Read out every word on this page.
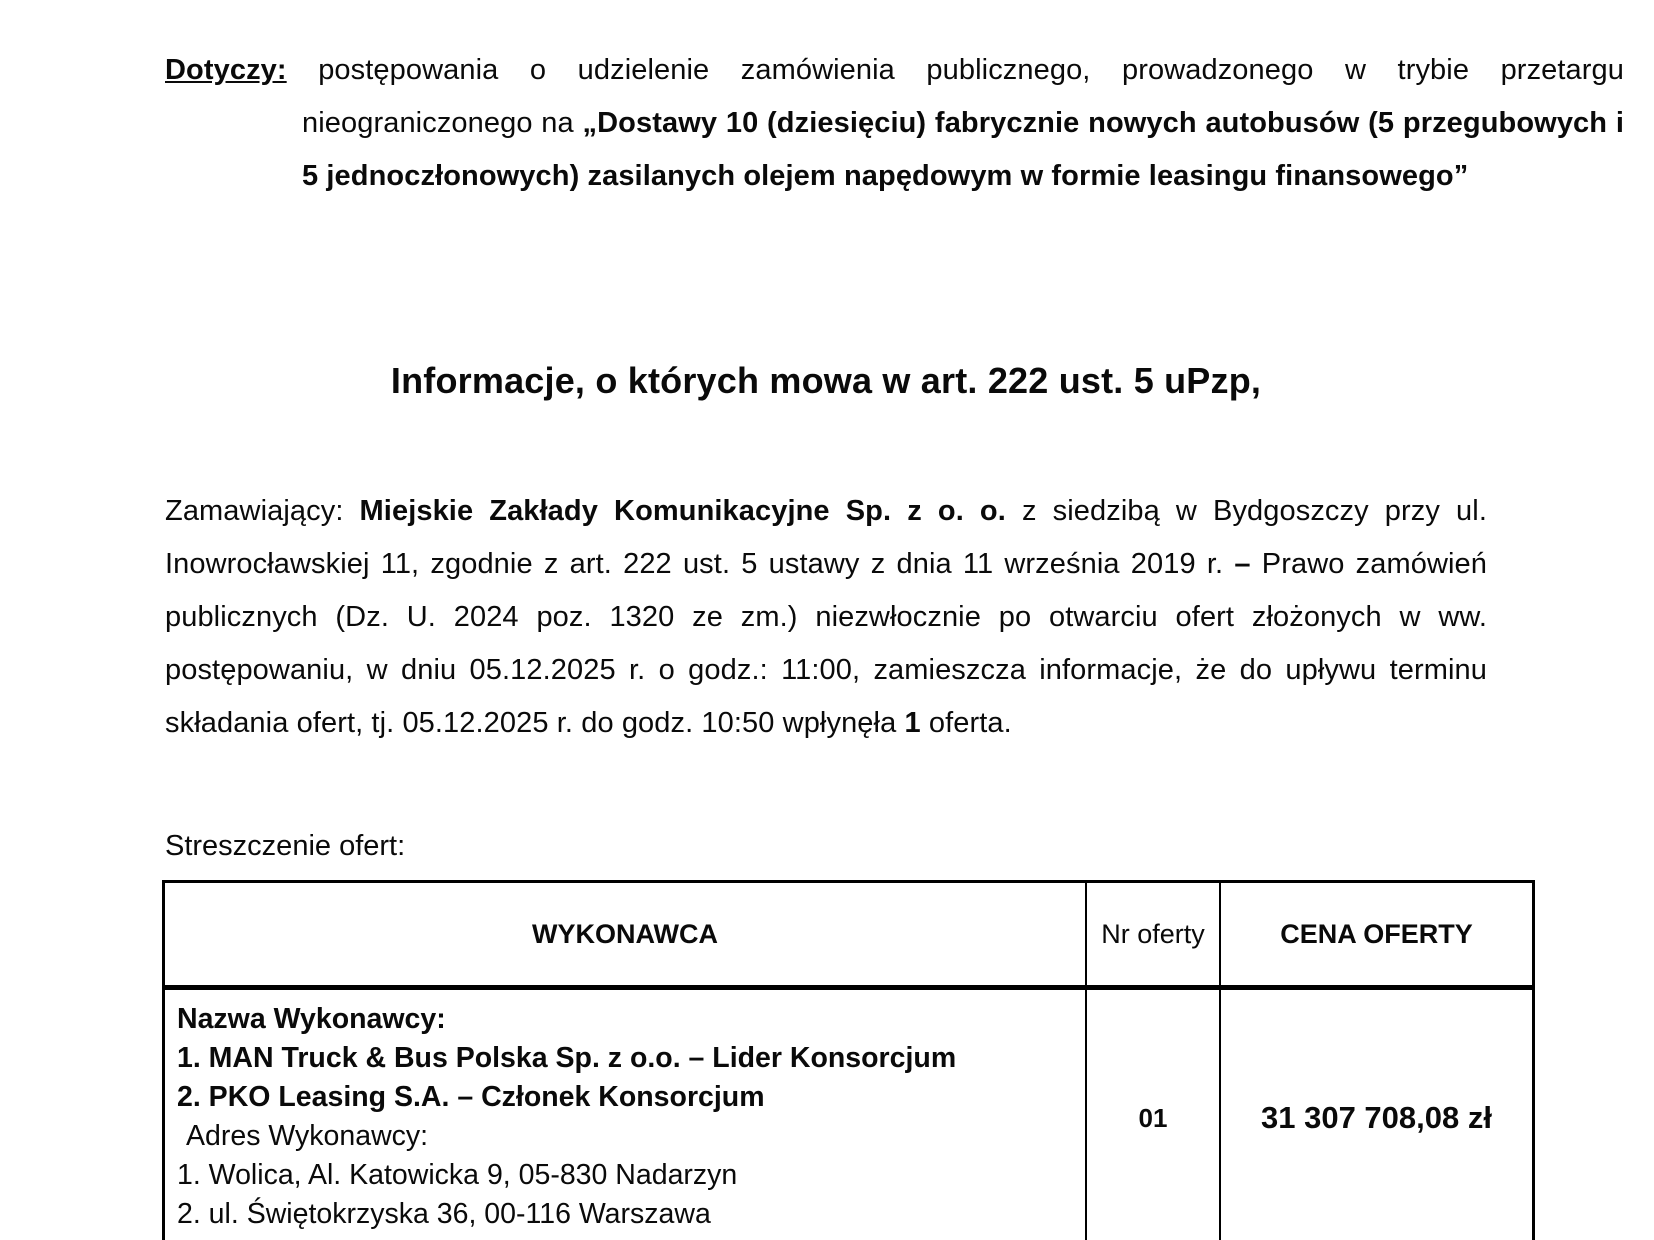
Dotyczy: postępowania o udzielenie zamówienia publicznego, prowadzonego w trybie przetargu nieograniczonego na „Dostawy 10 (dziesięciu) fabrycznie nowych autobusów (5 przegubowych i 5 jednoczłonowych) zasilanych olejem napędowym w formie leasingu finansowego”
Informacje, o których mowa w art. 222 ust. 5 uPzp,
Zamawiający: Miejskie Zakłady Komunikacyjne Sp. z o. o. z siedzibą w Bydgoszczy przy ul. Inowrocławskiej 11, zgodnie z art. 222 ust. 5 ustawy z dnia 11 września 2019 r. – Prawo zamówień publicznych (Dz. U. 2024 poz. 1320 ze zm.) niezwłocznie po otwarciu ofert złożonych w ww. postępowaniu, w dniu 05.12.2025 r. o godz.: 11:00, zamieszcza informacje, że do upływu terminu składania ofert, tj. 05.12.2025 r. do godz. 10:50 wpłynęła 1 oferta.
Streszczenie ofert:
WYKONAWCA	Nr oferty	CENA OFERTY

Nazwa Wykonawcy:
1. MAN Truck & Bus Polska Sp. z o.o. – Lider Konsorcjum
2. PKO Leasing S.A. – Członek Konsorcjum
Adres Wykonawcy:
1. Wolica, Al. Katowicka 9, 05-830 Nadarzyn
2. ul. Świętokrzyska 36, 00-116 Warszawa
	01	31 307 708,08 zł
